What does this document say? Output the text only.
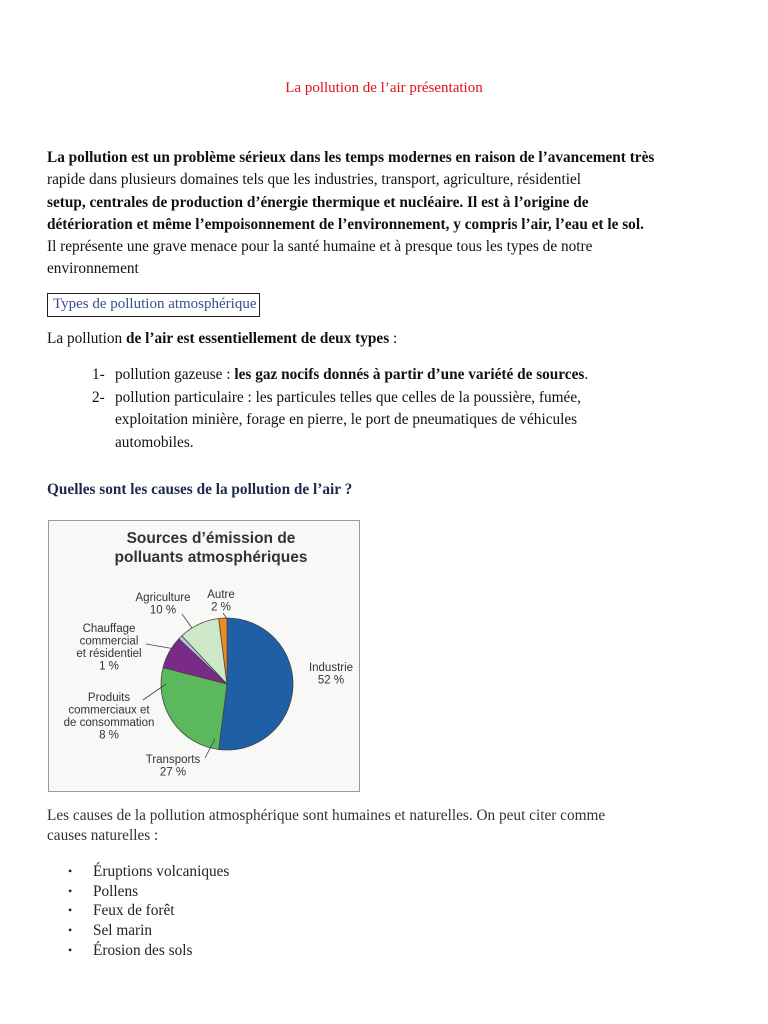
La pollution de l’air présentation
La pollution est un problème sérieux dans les temps modernes en raison de l’avancement très
rapide dans plusieurs domaines tels que les industries, transport, agriculture, résidentiel
setup, centrales de production d’énergie thermique et nucléaire. Il est à l’origine de
détérioration et même l’empoisonnement de l’environnement, y compris l’air, l’eau et le sol.
Il représente une grave menace pour la santé humaine et à presque tous les types de notre
environnement
Types de pollution atmosphérique
La pollution de l’air est essentiellement de deux types :
1- pollution gazeuse : les gaz nocifs donnés à partir d’une variété de sources.
2- pollution particulaire : les particules telles que celles de la poussière, fumée,
exploitation minière, forage en pierre, le port de pneumatiques de véhicules
automobiles.
Quelles sont les causes de la pollution de l’air ?
Sources d’émission de
polluants atmosphériques
Industrie
52 %
Transports
27 %
Produits
commerciaux et
de consommation
8 %
Chauffage
commercial
et résidentiel
1 %
Agriculture
10 %
Autre
2 %
Les causes de la pollution atmosphérique sont humaines et naturelles. On peut citer comme
causes naturelles :
• Éruptions volcaniques
• Pollens
• Feux de forêt
• Sel marin
• Érosion des sols
